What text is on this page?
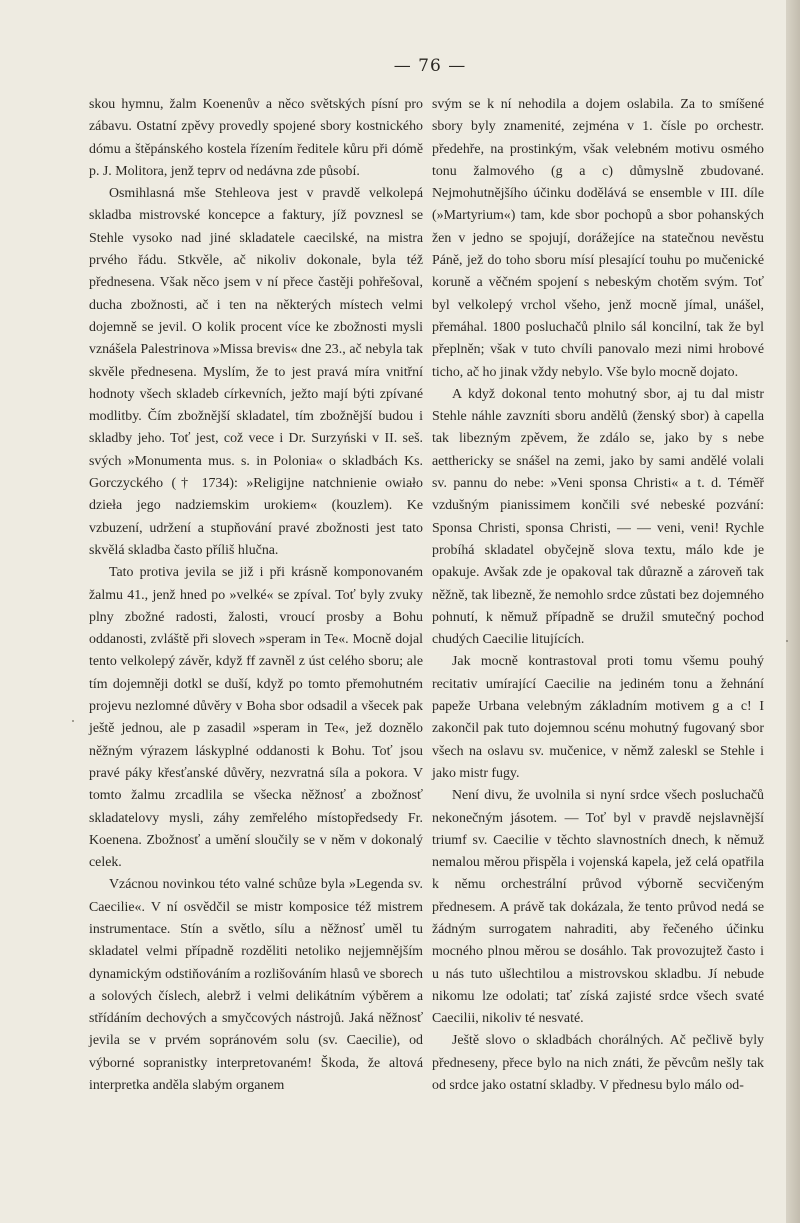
— 76 —

skou hymnu, žalm Koenenův a něco světských písní pro zábavu. Ostatní zpěvy provedly spojené sbory kostnického dómu a štěpánského kostela řízením ředitele kůru při dómě p. J. Molitora, jenž teprv od nedávna zde působí.

Osmihlasná mše Stehleova jest v pravdě velkolepá skladba mistrovské koncepce a faktury, jíž povznesl se Stehle vysoko nad jiné skladatele caecilské, na mistra prvého řádu. Stkvěle, ač nikoliv dokonale, byla též přednesena. Však něco jsem v ní přece častěji pohřešoval, ducha zbožnosti, ač i ten na některých místech velmi dojemně se jevil. O kolik procent více ke zbožnosti mysli vznášela Palestrinova »Missa brevis« dne 23., ač nebyla tak skvěle přednesena. Myslím, že to jest pravá míra vnitřní hodnoty všech skladeb církevních, ježto mají býti zpívané modlitby. Čím zbožnější skladatel, tím zbožnější budou i skladby jeho. Toť jest, což vece i Dr. Surzyński v II. seš. svých »Monumenta mus. s. in Polonia« o skladbách Ks. Gorczyckého († 1734): »Religijne natchnienie owiało dzieła jego nadziemskim urokiem« (kouzlem). Ke vzbuzení, udržení a stupňování pravé zbožnosti jest tato skvělá skladba často příliš hlučna.

Tato protiva jevila se již i při krásně komponovaném žalmu 41., jenž hned po »velké« se zpíval. Toť byly zvuky plny zbožné radosti, žalosti, vroucí prosby a Bohu oddanosti, zvláště při slovech »speram in Te«. Mocně dojal tento velkolepý závěr, když ff zavněl z úst celého sboru; ale tím dojemněji dotkl se duší, když po tomto přemohutném projevu nezlomné důvěry v Boha sbor odsadil a všecek pak ještě jednou, ale p zasadil »speram in Te«, jež doznělo něžným výrazem láskyplné oddanosti k Bohu. Toť jsou pravé páky křesťanské důvěry, nezvratná síla a pokora. V tomto žalmu zrcadlila se všecka něžnosť a zbožnosť skladatelovy mysli, záhy zemřelého místopředsedy Fr. Koenena. Zbožnosť a umění sloučily se v něm v dokonalý celek.

Vzácnou novinkou této valné schůze byla »Legenda sv. Caecilie«. V ní osvědčil se mistr komposice též mistrem instrumentace. Stín a světlo, sílu a něžnosť uměl tu skladatel velmi případně rozděliti netoliko nejjemnějším dynamickým odstiňováním a rozlišováním hlasů ve sborech a solových číslech, alebrž i velmi delikátním výběrem a střídáním dechových a smyčcových nástrojů. Jaká něžnosť jevila se v prvém sopránovém solu (sv. Caecilie), od výborné sopranistky interpretovaném! Škoda, že altová interpretka anděla slabým organem

svým se k ní nehodila a dojem oslabila. Za to smíšené sbory byly znamenité, zejména v 1. čísle po orchestr. předehře, na prostinkým, však velebném motivu osmého tonu žalmového (g a c) důmyslně zbudované. Nejmohutnějšího účinku dodělává se ensemble v III. díle (»Martyrium«) tam, kde sbor pochopů a sbor pohanských žen v jedno se spojují, dorážejíce na statečnou nevěstu Páně, jež do toho sboru mísí plesající touhu po mučenické koruně a věčném spojení s nebeským chotěm svým. Toť byl velkolepý vrchol všeho, jenž mocně jímal, unášel, přemáhal. 1800 posluchačů plnilo sál koncilní, tak že byl přeplněn; však v tuto chvíli panovalo mezi nimi hrobové ticho, ač ho jinak vždy nebylo. Vše bylo mocně dojato.

A když dokonal tento mohutný sbor, aj tu dal mistr Stehle náhle zavzníti sboru andělů (ženský sbor) à capella tak libezným zpěvem, že zdálo se, jako by s nebe aetthericky se snášel na zemi, jako by sami andělé volali sv. pannu do nebe: »Veni sponsa Christi« a t. d. Téměř vzdušným pianissimem končili své nebeské pozvání: Sponsa Christi, sponsa Christi, — — veni, veni! Rychle probíhá skladatel obyčejně slova textu, málo kde je opakuje. Avšak zde je opakoval tak důrazně a zároveň tak něžně, tak libezně, že nemohlo srdce zůstati bez dojemného pohnutí, k němuž případně se družil smutečný pochod chudých Caecilie litujících.

Jak mocně kontrastoval proti tomu všemu pouhý recitativ umírající Caecilie na jediném tonu a žehnání papeže Urbana velebným základním motivem g a c! I zakončil pak tuto dojemnou scénu mohutný fugovaný sbor všech na oslavu sv. mučenice, v němž zaleskl se Stehle i jako mistr fugy.

Není divu, že uvolnila si nyní srdce všech posluchačů nekonečným jásotem. — Toť byl v pravdě nejslavnější triumf sv. Caecilie v těchto slavnostních dnech, k němuž nemalou měrou přispěla i vojenská kapela, jež celá opatřila k němu orchestrální průvod výborně secvičeným přednesem. A právě tak dokázala, že tento průvod nedá se žádným surrogatem nahraditi, aby řečeného účinku mocného plnou měrou se dosáhlo. Tak provozujtež často i u nás tuto ušlechtilou a mistrovskou skladbu. Jí nebude nikomu lze odolati; tať získá zajisté srdce všech svaté Caecilii, nikoliv té nesvaté.

Ještě slovo o skladbách chorálných. Ač pečlivě byly předneseny, přece bylo na nich znáti, že pěvcům nešly tak od srdce jako ostatní skladby. V přednesu bylo málo od-
